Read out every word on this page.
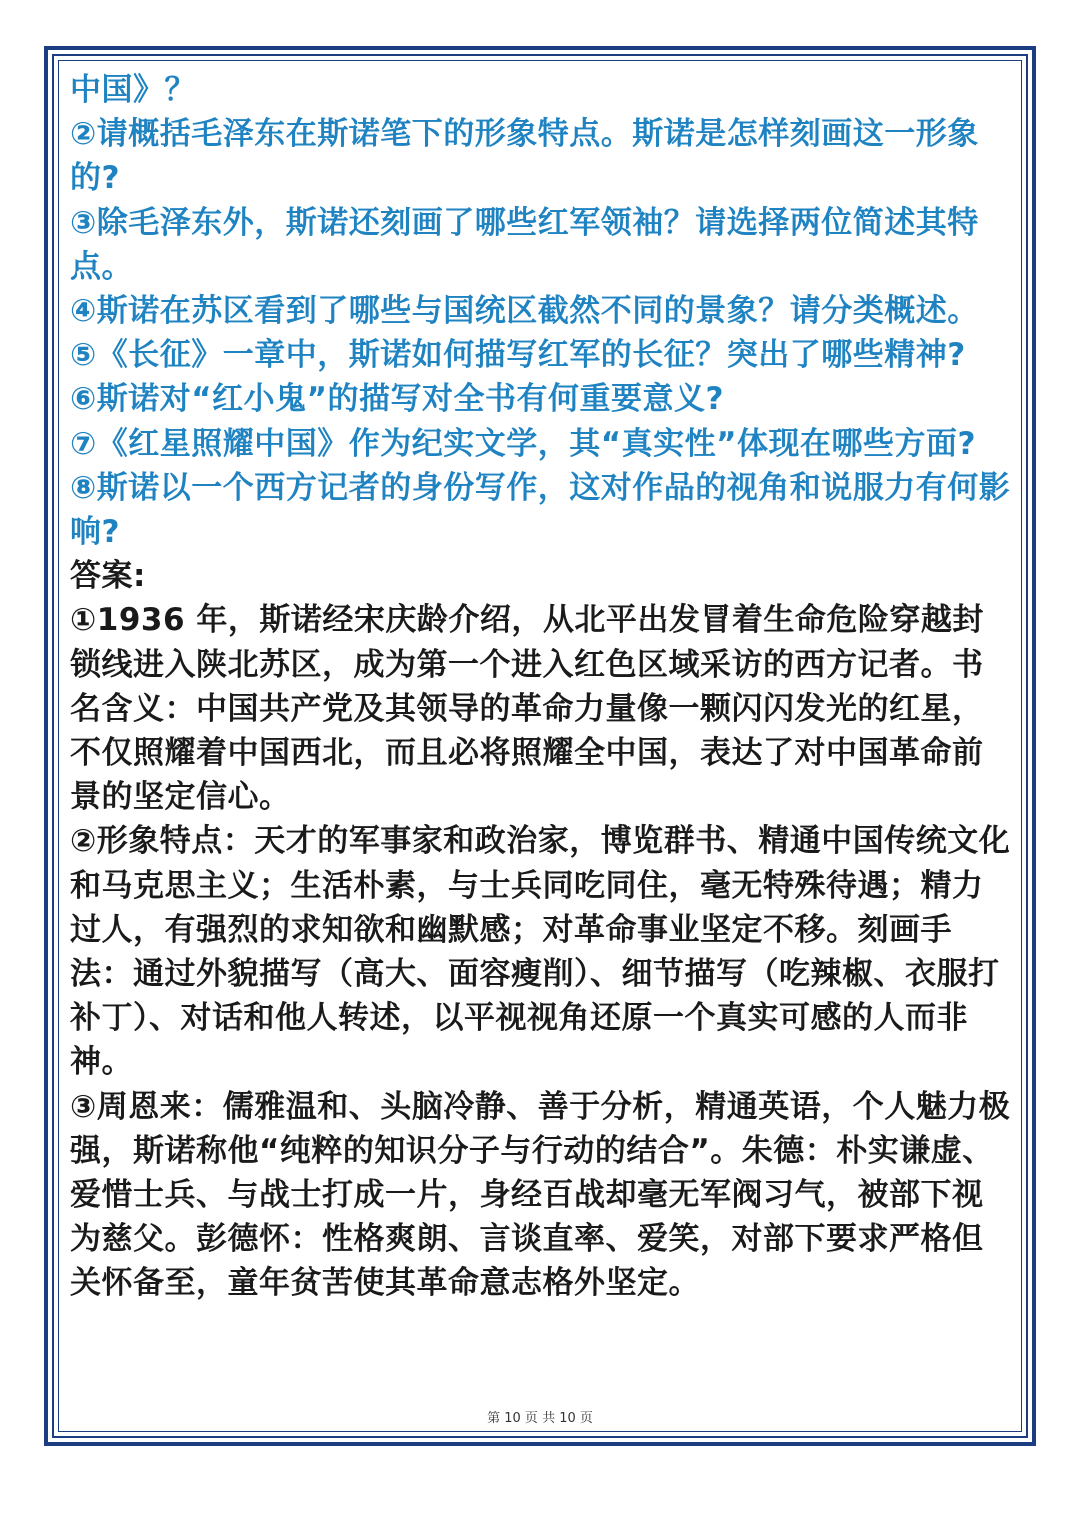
中国》？

②请概括毛泽东在斯诺笔下的形象特点。斯诺是怎样刻画这一形象的?

③除毛泽东外，斯诺还刻画了哪些红军领袖？请选择两位简述其特点。

④斯诺在苏区看到了哪些与国统区截然不同的景象？请分类概述。

⑤《长征》一章中，斯诺如何描写红军的长征？突出了哪些精神?

⑥斯诺对“红小鬼”的描写对全书有何重要意义?

⑦《红星照耀中国》作为纪实文学，其“真实性”体现在哪些方面?

⑧斯诺以一个西方记者的身份写作，这对作品的视角和说服力有何影响?

答案:

①1936 年，斯诺经宋庆龄介绍，从北平出发冒着生命危险穿越封锁线进入陕北苏区，成为第一个进入红色区域采访的西方记者。书名含义：中国共产党及其领导的革命力量像一颗闪闪发光的红星，不仅照耀着中国西北，而且必将照耀全中国，表达了对中国革命前景的坚定信心。

②形象特点：天才的军事家和政治家，博览群书、精通中国传统文化和马克思主义；生活朴素，与士兵同吃同住，毫无特殊待遇；精力过人，有强烈的求知欲和幽默感；对革命事业坚定不移。刻画手法：通过外貌描写（高大、面容瘦削）、细节描写（吃辣椒、衣服打补丁）、对话和他人转述，以平视视角还原一个真实可感的人而非神。

③周恩来：儒雅温和、头脑冷静、善于分析，精通英语，个人魅力极强，斯诺称他“纯粹的知识分子与行动的结合”。朱德：朴实谦虚、爱惜士兵、与战士打成一片，身经百战却毫无军阀习气，被部下视为慈父。彭德怀：性格爽朗、言谈直率、爱笑，对部下要求严格但关怀备至，童年贫苦使其革命意志格外坚定。

第 10 页 共 10 页
